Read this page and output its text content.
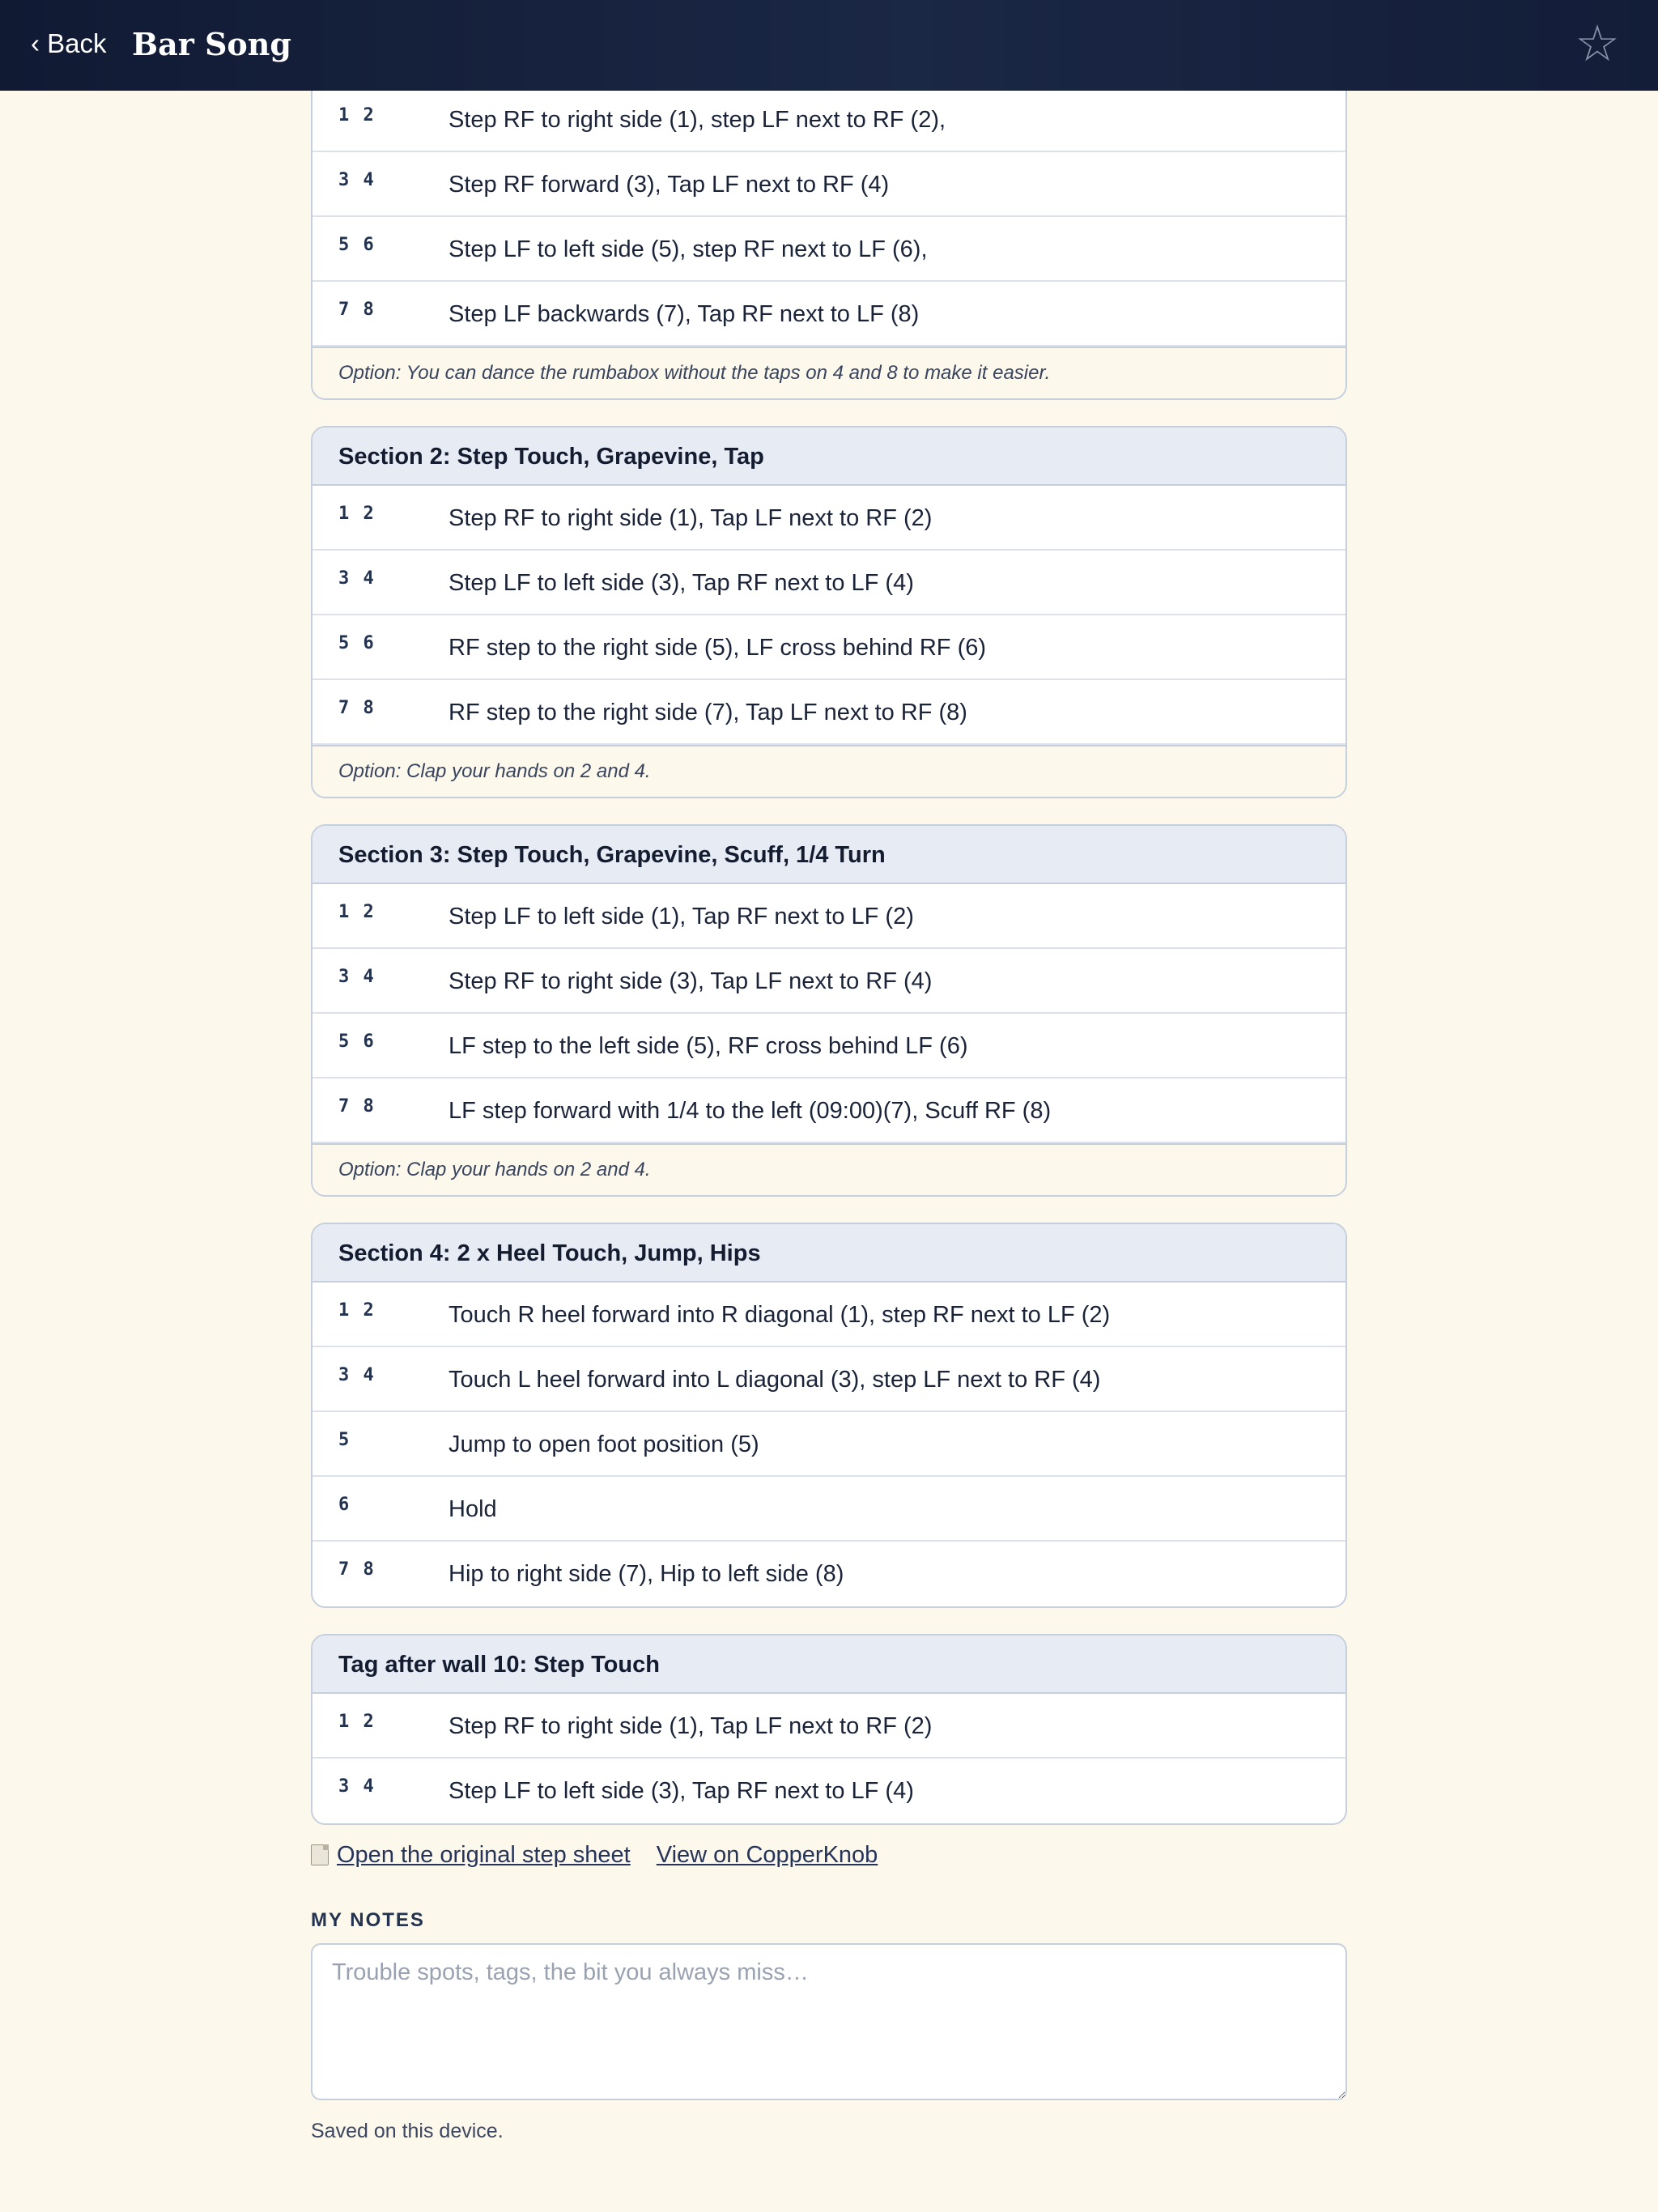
‹ Back Bar Song	☆
1 2	Step RF to right side (1), step LF next to RF (2),
3 4	Step RF forward (3), Tap LF next to RF (4)
5 6	Step LF to left side (5), step RF next to LF (6),
7 8	Step LF backwards (7), Tap RF next to LF (8)
Option: You can dance the rumbabox without the taps on 4 and 8 to make it easier.
Section 2: Step Touch, Grapevine, Tap
1 2	Step RF to right side (1), Tap LF next to RF (2)
3 4	Step LF to left side (3), Tap RF next to LF (4)
5 6	RF step to the right side (5), LF cross behind RF (6)
7 8	RF step to the right side (7), Tap LF next to RF (8)
Option: Clap your hands on 2 and 4.
Section 3: Step Touch, Grapevine, Scuff, 1/4 Turn
1 2	Step LF to left side (1), Tap RF next to LF (2)
3 4	Step RF to right side (3), Tap LF next to RF (4)
5 6	LF step to the left side (5), RF cross behind LF (6)
7 8	LF step forward with 1/4 to the left (09:00)(7), Scuff RF (8)
Option: Clap your hands on 2 and 4.
Section 4: 2 x Heel Touch, Jump, Hips
1 2	Touch R heel forward into R diagonal (1), step RF next to LF (2)
3 4	Touch L heel forward into L diagonal (3), step LF next to RF (4)
5	Jump to open foot position (5)
6	Hold
7 8	Hip to right side (7), Hip to left side (8)
Tag after wall 10: Step Touch
1 2	Step RF to right side (1), Tap LF next to RF (2)
3 4	Step LF to left side (3), Tap RF next to LF (4)
Open the original step sheet View on CopperKnob
MY NOTES
Trouble spots, tags, the bit you always miss…
Saved on this device.
